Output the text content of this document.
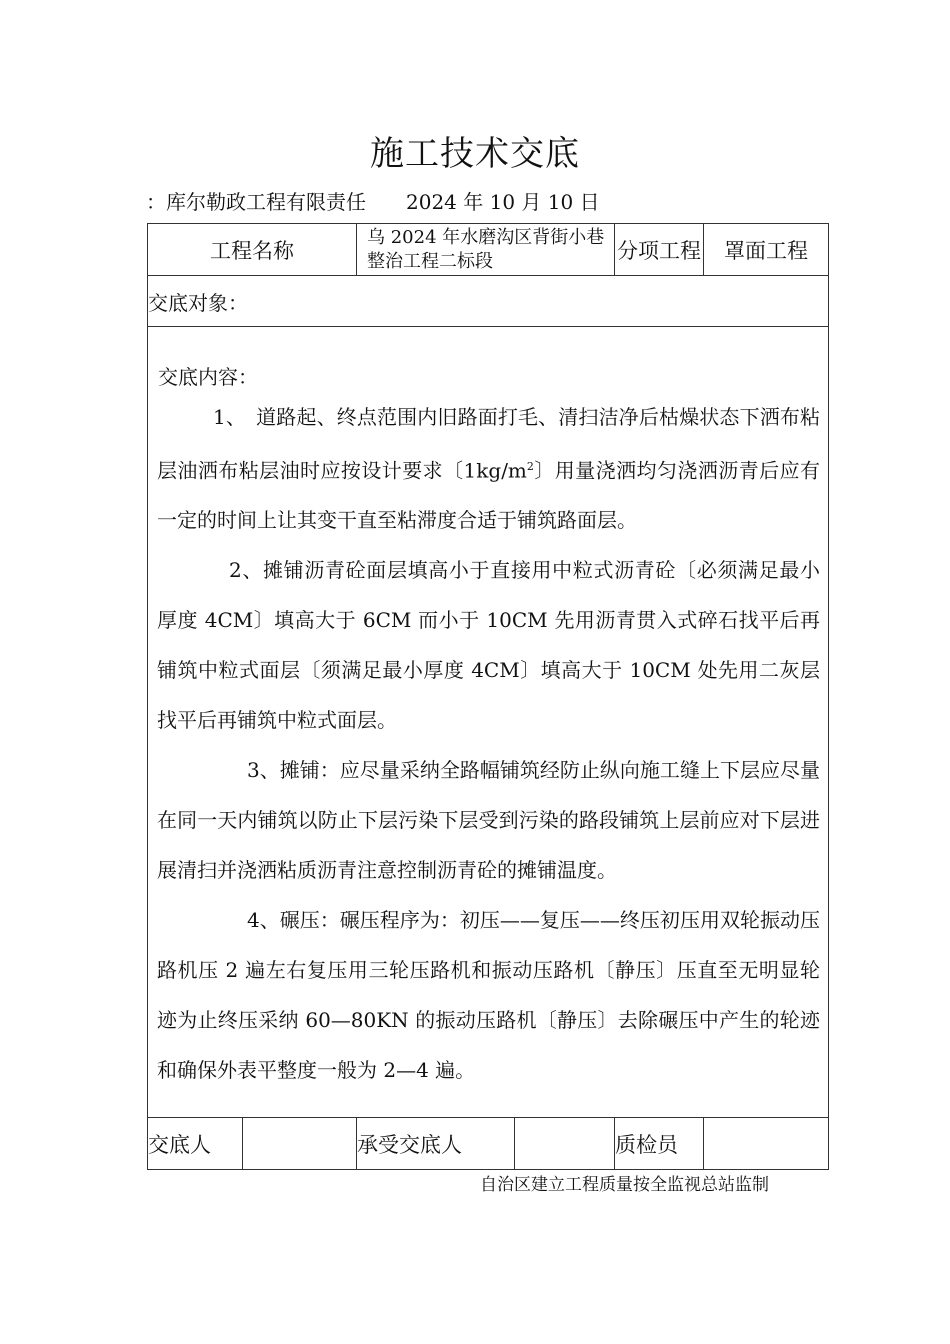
施工技术交底
：库尔勒政工程有限责任 2024 年 10 月 10 日
工程名称		乌 2024 年水磨沟区背街小巷整治工程二标段		分项工程	罩面工程
交底对象：					

交底内容：
1、　道路起、终点范围内旧路面打毛、清扫洁净后枯燥状态下洒布粘层油洒布粘层油时应按设计要求〔$1kg/m^2$〕用量浇洒均匀浇洒沥青后应有一定的时间上让其变干直至粘滞度合适于铺筑路面层。
2、摊铺沥青砼面层填高小于直接用中粒式沥青砼〔必须满足最小厚度 4CM〕填高大于 6CM 而小于 10CM 先用沥青贯入式碎石找平后再铺筑中粒式面层〔须满足最小厚度 4CM〕填高大于 10CM 处先用二灰层找平后再铺筑中粒式面层。
3、摊铺：应尽量采纳全路幅铺筑经防止纵向施工缝上下层应尽量在同一天内铺筑以防止下层污染下层受到污染的路段铺筑上层前应对下层进展清扫并浇洒粘质沥青注意控制沥青砼的摊铺温度。
4、碾压：碾压程序为：初压——复压——终压初压用双轮振动压路机压 2 遍左右复压用三轮压路机和振动压路机〔静压〕压直至无明显轮迹为止终压采纳 60—80KN 的振动压路机〔静压〕去除碾压中产生的轮迹和确保外表平整度一般为 2—4 遍。					

交底人		承受交底人		质检员	
自治区建立工程质量按全监视总站监制
